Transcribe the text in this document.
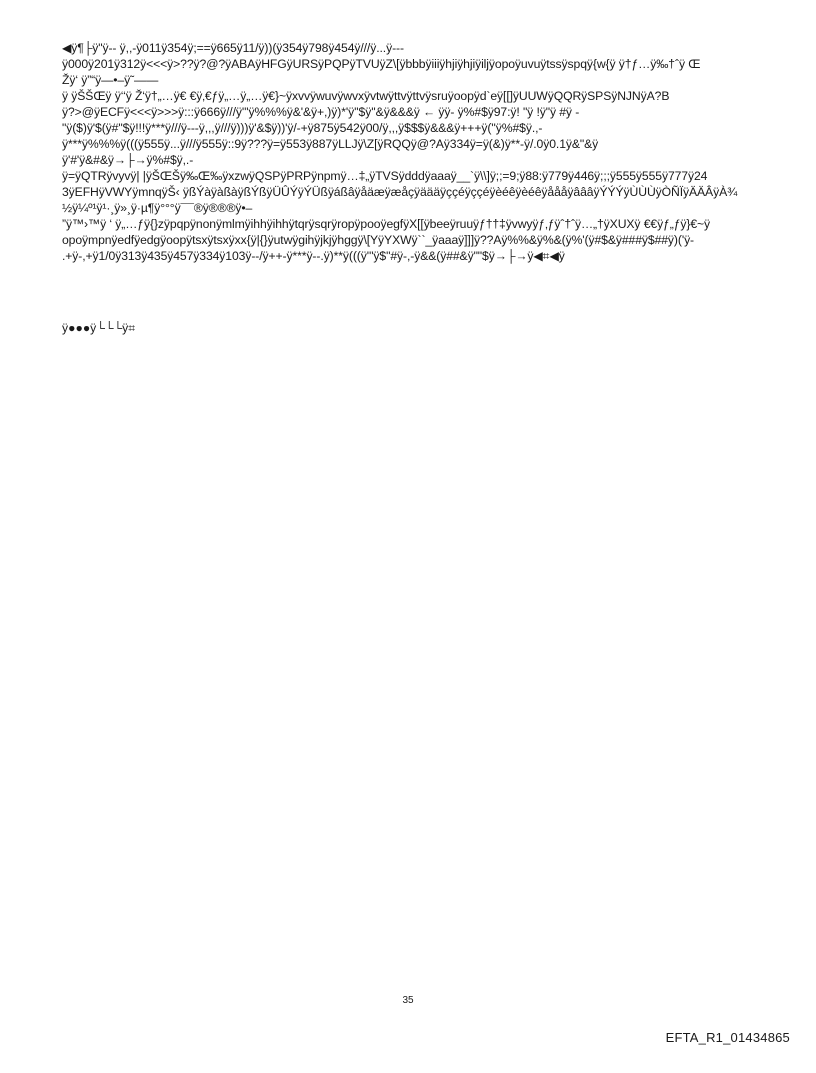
◀ÿ¶├ÿ"ÿ-- ÿ,,-ÿ011ÿ354ÿ;==ÿ665ÿ11/ÿ))(ÿ354ÿ798ÿ454ÿ///ÿ...ÿ---
ÿ000ÿ201ÿ312ÿ<<<ÿ>??ÿ?@?ÿABAÿHFGÿURSÿPQPÿTVUÿZ\[ÿbbbÿiiiÿhjiÿhjiÿiljÿopoÿuvuÿtssÿspqÿ{w{ÿ ÿ†ƒ…ÿ‰†ˆÿ Œ
Žÿ‘ ÿ”“ÿ—•–ÿ˜——
ÿ ÿŠŠŒÿ ÿ‘‘ÿ Ž‘ÿ†„…ÿ€ €ÿ‚€ƒÿ„…ÿ„…ÿ€}~ÿxvvÿwuvÿwvxÿvtwÿttvÿttvÿsruÿoopÿd`eÿ[[]ÿUUWÿQQRÿSPSÿNJNÿA?B
ÿ?>@ÿECFÿ<<<ÿ>>>ÿ:::ÿ666ÿ///ÿ'''ÿ%%%ÿ&'&ÿ+,)ÿ)*'ÿ''$ÿ''&ÿ&&&ÿ ← ÿÿ- ÿ%#$ÿ97:ÿ! "ÿ !ÿ"ÿ #ÿ -
"ÿ($)ÿ'$(ÿ#"$ÿ!!!ÿ***ÿ///ÿ---ÿ,,,ÿ///ÿ)))ÿ'&$ÿ))'ÿ/-+ÿ875ÿ542ÿ00/ÿ,,,ÿ$$$ÿ&&&ÿ+++ÿ(''ÿ%#$ÿ.,-
ÿ***ÿ%%%ÿ(((ÿ555ÿ...ÿ///ÿ555ÿ::9ÿ???ÿ=ÿ553ÿ887ÿLLJÿ\Z[ÿRQQÿ@?Aÿ334ÿ=ÿ(&)ÿ**-ÿ/.0ÿ0.1ÿ&"&ÿ
ÿ'#'ÿ&#&ÿ→├→ÿ%#$ÿ,.-
ÿ=ÿQTRÿvyvÿ| |ÿŠŒŠÿ‰Œ‰ÿxzwÿQSPÿPRPÿnpmÿ…‡„ÿTVSÿdddÿaaaÿ__`ÿ\\]ÿ;;=9;ÿ88:ÿ779ÿ446ÿ;;;ÿ555ÿ555ÿ777ÿ24
3ÿEFHÿVWYÿmnqÿŠ‹ ÿßÝàÿàßàÿßÝßÿÜÛÝÿÝÜßÿáßâÿåäæÿæåçÿäääÿççéÿççéÿèéêÿèéêÿåååÿâââÿÝÝÝÿÙÙÙÿÒÑÏÿÄÄÂÿÀ¾
½ÿ¼º¹ÿ¹·¸ÿ»¸ÿ·µ¶ÿ°°°ÿ¯¯®ÿ®®®ÿ•–
”ÿ™›™ÿ ‘ ÿ„…ƒÿ{}zÿpqpÿnonÿmlmÿihhÿihhÿtqrÿsqrÿropÿpooÿegfÿX[[ÿbeeÿruuÿƒ††‡ÿvwyÿƒ‚ƒÿˆ†ˆÿ…„†ÿXUXÿ €€ÿƒ„ƒÿ}€~ÿ
opoÿmpnÿedfÿedgÿoopÿtsxÿtsxÿxx{ÿ|{}ÿutwÿgihÿjkjÿhggÿ\[YÿYXWÿ``_ÿaaaÿ]]]ÿ??Aÿ%%&ÿ%&(ÿ%'(ÿ#$&ÿ###ÿ$##ÿ)('ÿ-
.+ÿ-,+ÿ1/0ÿ313ÿ435ÿ457ÿ334ÿ103ÿ--/ÿ++-ÿ***ÿ--.ÿ)**ÿ(((ÿ'''ÿ$"#ÿ-,-ÿ&&(ÿ##&ÿ""$ÿ→├→ÿ◀⌗◀ÿ
ÿ●●●ÿ└└└ÿ⌗
35
EFTA_R1_01434865
